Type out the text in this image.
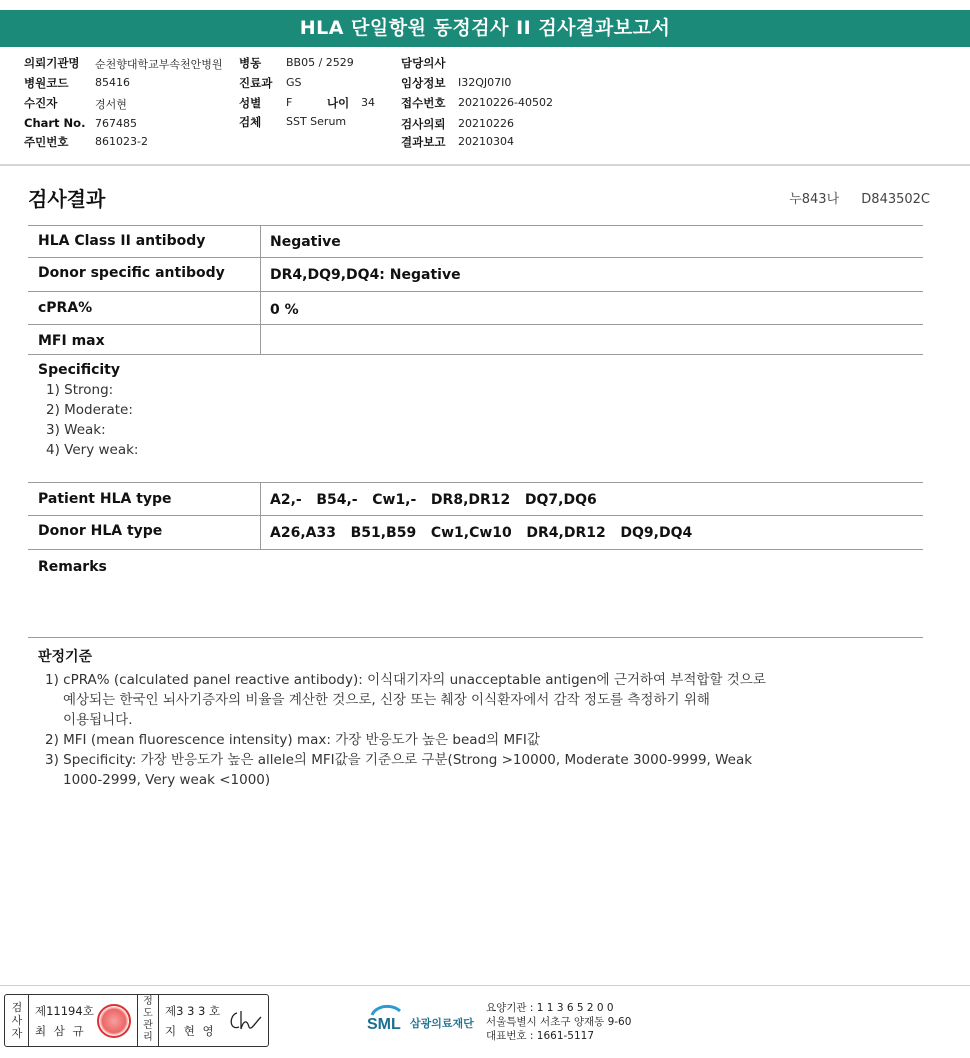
HLA 단일항원 동정검사 II 검사결과보고서
의뢰기관명 순천향대학교부속천안병원 병동 BB05 / 2529	담당의사
병원코드 85416	진료과 GS	임상정보 I32QJ07I0
수진자	경서현	성별 F	나이 34 접수번호 20210226-40502
Chart No. 767485	검체 SST Serum	검사의뢰 20210226
주민번호 861023-2	결과보고 20210304
검사결과	누843나 D843502C
HLA Class II antibody	Negative
Donor specific antibody	DR4,DQ9,DQ4: Negative
cPRA%	0 %
MFI max
Specificity
1) Strong:
2) Moderate:
3) Weak:
4) Very weak:
Patient HLA type	A2,-   B54,-   Cw1,-   DR8,DR12   DQ7,DQ6
Donor HLA type	A26,A33   B51,B59   Cw1,Cw10   DR4,DR12   DQ9,DQ4
Remarks
판정기준
1) cPRA% (calculated panel reactive antibody): 이식대기자의 unacceptable antigen에 근거하여 부적합할 것으로
예상되는 한국인 뇌사기증자의 비율을 계산한 것으로, 신장 또는 췌장 이식환자에서 감작 정도를 측정하기 위해
이용됩니다.
2) MFI (mean fluorescence intensity) max: 가장 반응도가 높은 bead의 MFI값
3) Specificity: 가장 반응도가 높은 allele의 MFI값을 기준으로 구분(Strong >10000, Moderate 3000-9999, Weak
1000-2999, Very weak <1000)
검사자
제11194호
최 삼 규
정도관리
제3 3 3 호
지 현 영	SML 삼광의료재단
요양기관 : 1 1 3 6 5 2 0 0
서울특별시 서초구 양재동 9-60
대표번호 : 1661-5117
